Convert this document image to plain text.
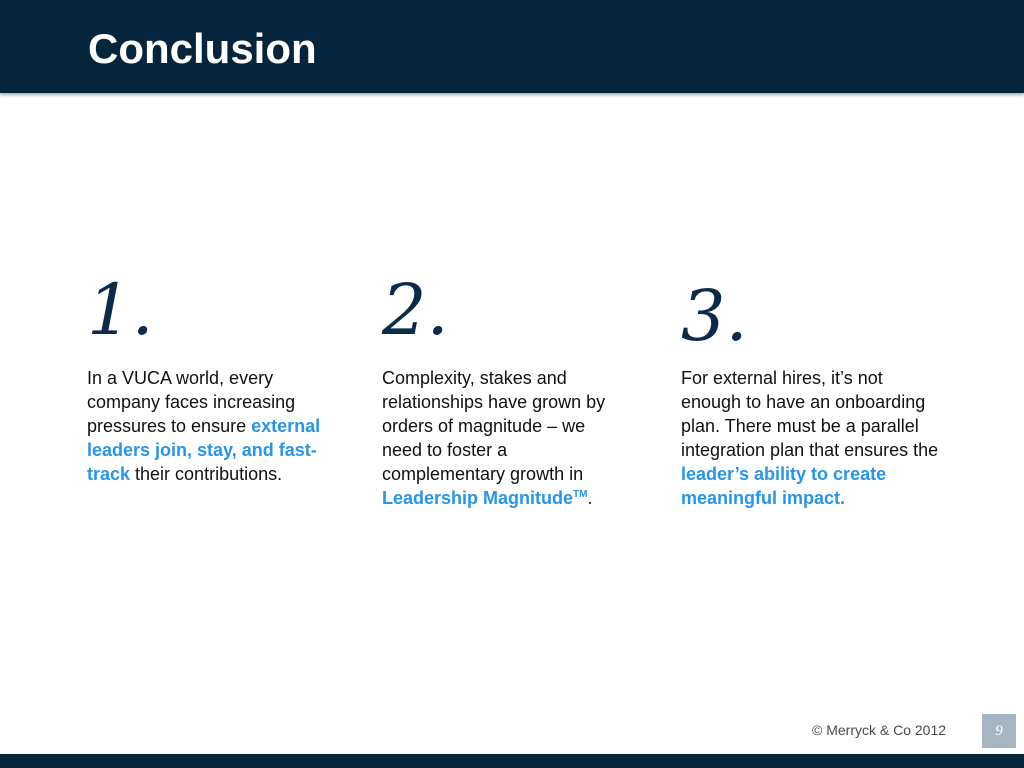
Conclusion
1.

In a VUCA world, every company faces increasing pressures to ensure external leaders join, stay, and fast-track their contributions.

2.

Complexity, stakes and relationships have grown by orders of magnitude – we need to foster a complementary growth in Leadership Magnitude™.

3.

For external hires, it’s not enough to have an onboarding plan. There must be a parallel integration plan that ensures the leader’s ability to create meaningful impact.

© Merryck & Co 2012	9
